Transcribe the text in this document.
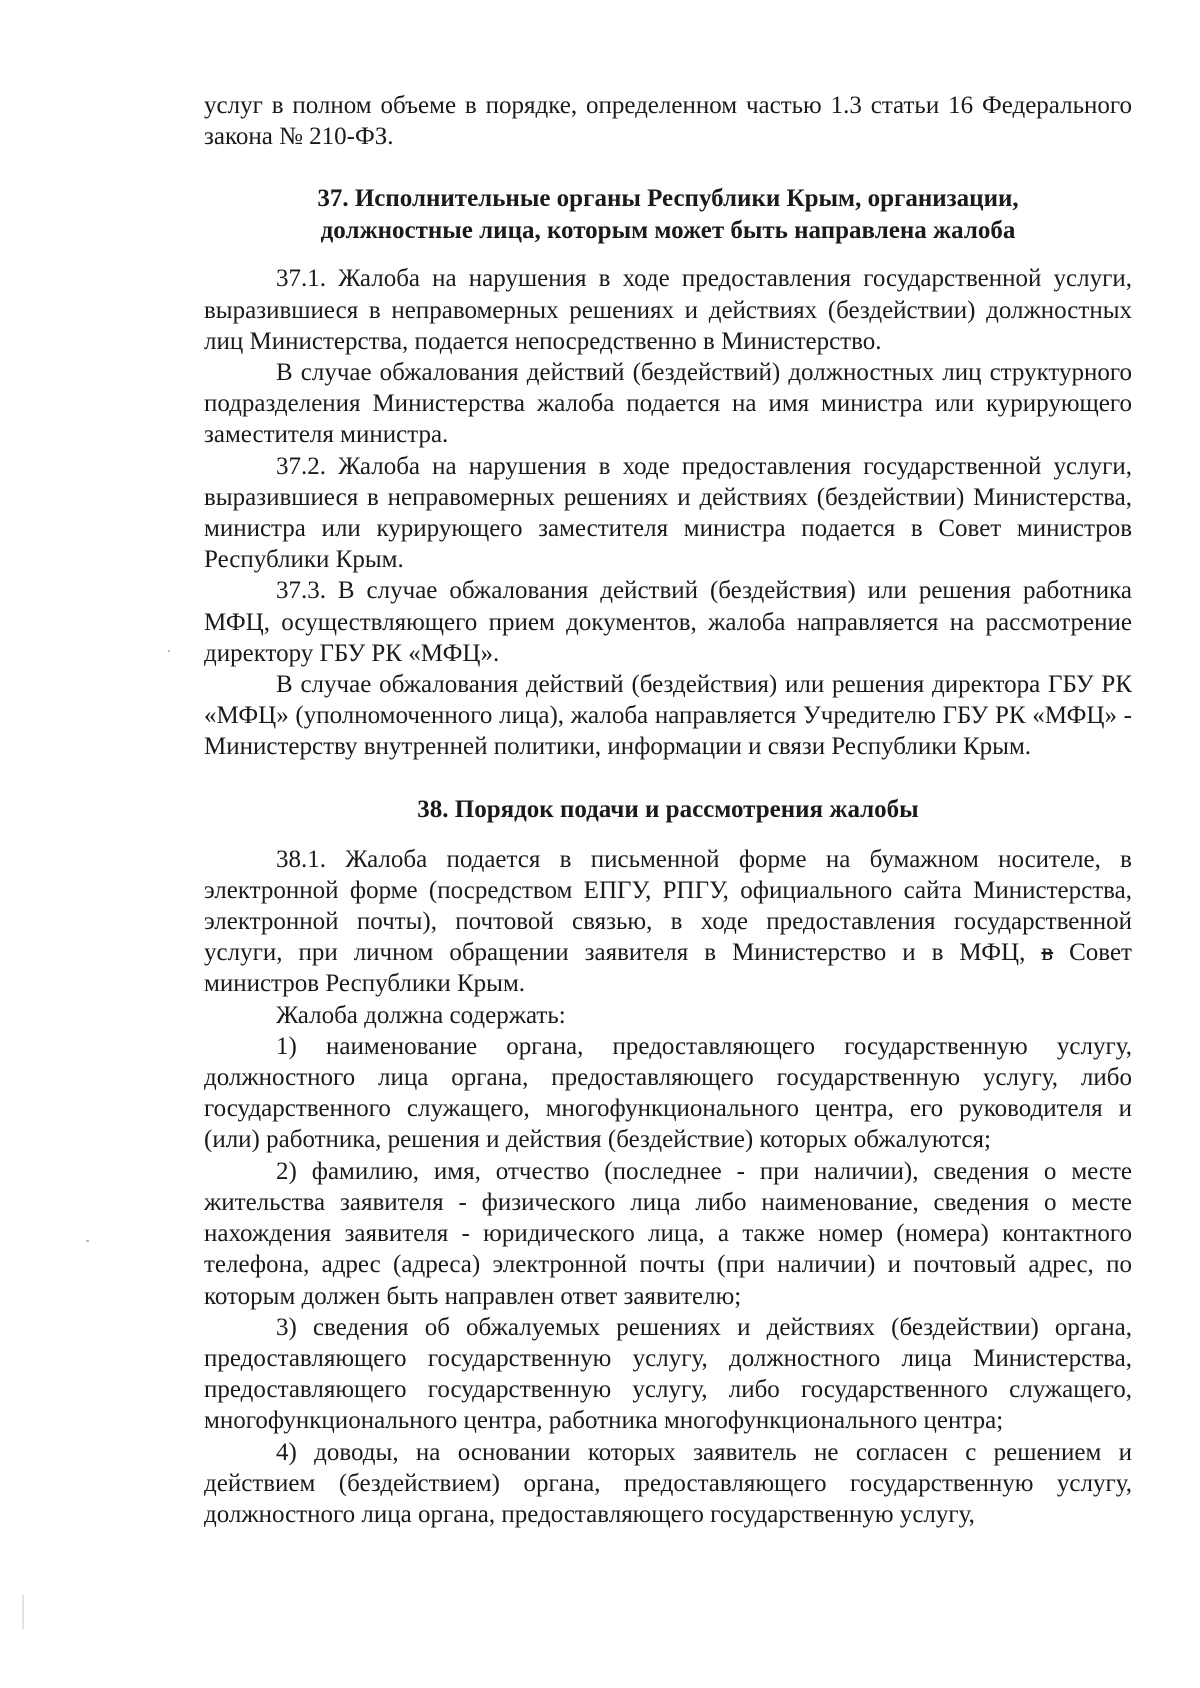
услуг в полном объеме в порядке, определенном частью 1.3 статьи 16 Федерального закона № 210-ФЗ.

37. Исполнительные органы Республики Крым, организации,
должностные лица, которым может быть направлена жалоба

37.1. Жалоба на нарушения в ходе предоставления государственной услуги, выразившиеся в неправомерных решениях и действиях (бездействии) должностных лиц Министерства, подается непосредственно в Министерство.

В случае обжалования действий (бездействий) должностных лиц структурного подразделения Министерства жалоба подается на имя министра или курирующего заместителя министра.

37.2. Жалоба на нарушения в ходе предоставления государственной услуги, выразившиеся в неправомерных решениях и действиях (бездействии) Министерства, министра или курирующего заместителя министра подается в Совет министров Республики Крым.

37.3. В случае обжалования действий (бездействия) или решения работника МФЦ, осуществляющего прием документов, жалоба направляется на рассмотрение директору ГБУ РК «МФЦ».

В случае обжалования действий (бездействия) или решения директора ГБУ РК «МФЦ» (уполномоченного лица), жалоба направляется Учредителю ГБУ РК «МФЦ» - Министерству внутренней политики, информации и связи Республики Крым.

38. Порядок подачи и рассмотрения жалобы

38.1. Жалоба подается в письменной форме на бумажном носителе, в электронной форме (посредством ЕПГУ, РПГУ, официального сайта Министерства, электронной почты), почтовой связью, в ходе предоставления государственной услуги, при личном обращении заявителя в Министерство и в МФЦ, в Совет министров Республики Крым.

Жалоба должна содержать:

1) наименование органа, предоставляющего государственную услугу, должностного лица органа, предоставляющего государственную услугу, либо государственного служащего, многофункционального центра, его руководителя и (или) работника, решения и действия (бездействие) которых обжалуются;

2) фамилию, имя, отчество (последнее - при наличии), сведения о месте жительства заявителя - физического лица либо наименование, сведения о месте нахождения заявителя - юридического лица, а также номер (номера) контактного телефона, адрес (адреса) электронной почты (при наличии) и почтовый адрес, по которым должен быть направлен ответ заявителю;

3) сведения об обжалуемых решениях и действиях (бездействии) органа, предоставляющего государственную услугу, должностного лица Министерства, предоставляющего государственную услугу, либо государственного служащего, многофункционального центра, работника многофункционального центра;

4) доводы, на основании которых заявитель не согласен с решением и действием (бездействием) органа, предоставляющего государственную услугу, должностного лица органа, предоставляющего государственную услугу,
